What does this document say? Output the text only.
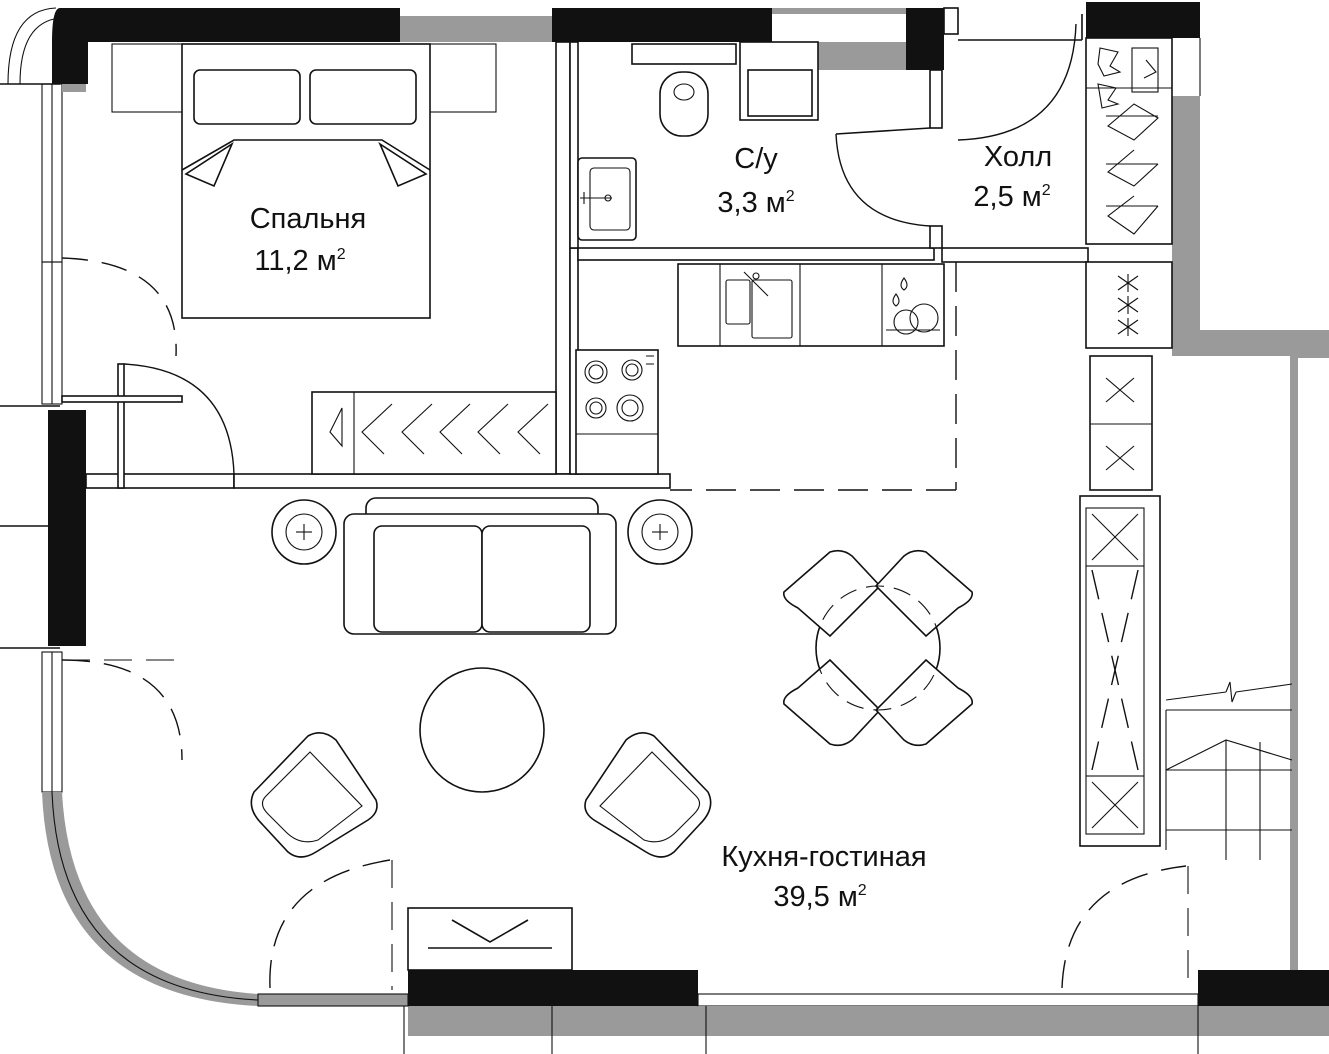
Спальня
11,2 $м^2$
С/у
3,3 $м^2$
Холл
2,5 $м^2$
Кухня-гостиная
39,5 $м^2$
